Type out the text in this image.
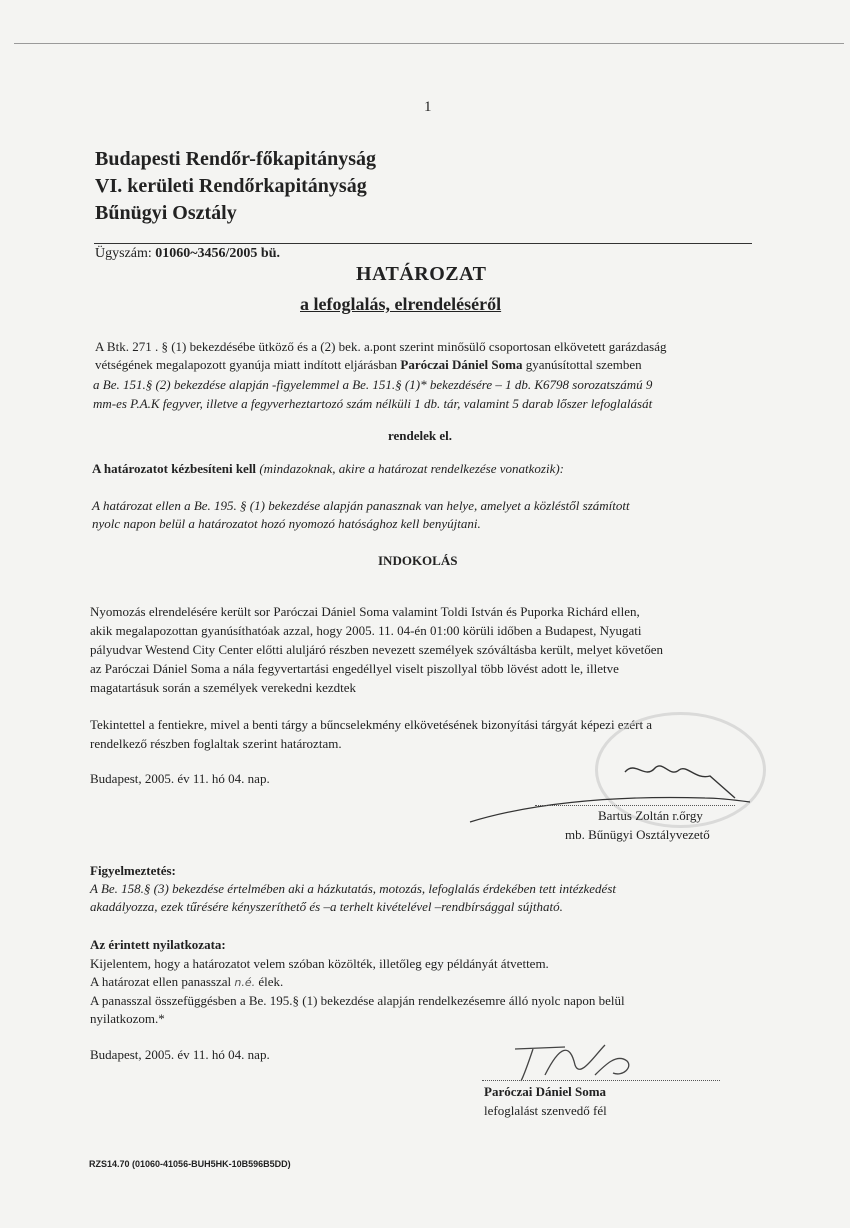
1
Budapesti Rendőr-főkapitányság
VI. kerületi Rendőrkapitányság
Bűnügyi Osztály
Ügyszám: 01060~3456/2005 bü.
HATÁROZAT
a lefoglalás, elrendeléséről
A Btk. 271 . § (1) bekezdésébe ütköző és a (2) bek. a.pont szerint minősülő csoportosan elkövetett garázdaság
vétségének megalapozott gyanúja miatt indított eljárásban Paróczai Dániel Soma gyanúsítottal szemben
a Be. 151.§ (2) bekezdése alapján -figyelemmel a Be. 151.§ (1)* bekezdésére – 1 db. K6798 sorozatszámú 9
mm-es P.A.K fegyver, illetve a fegyverheztartozó szám nélküli 1 db. tár, valamint 5 darab lőszer lefoglalását
rendelek el.
A határozatot kézbesíteni kell (mindazoknak, akire a határozat rendelkezése vonatkozik):
A határozat ellen a Be. 195. § (1) bekezdése alapján panasznak van helye, amelyet a közléstől számított
nyolc napon belül a határozatot hozó nyomozó hatósághoz kell benyújtani.
INDOKOLÁS
Nyomozás elrendelésére került sor Paróczai Dániel Soma valamint Toldi István és Puporka Richárd ellen,
akik megalapozottan gyanúsíthatóak azzal, hogy 2005. 11. 04-én 01:00 körüli időben a Budapest, Nyugati
pályudvar Westend City Center előtti aluljáró részben nevezett személyek szóváltásba került, melyet követően
az Paróczai Dániel Soma a nála fegyvertartási engedéllyel viselt piszollyal több lövést adott le, illetve
magatartásuk során a személyek verekedni kezdtek
Tekintettel a fentiekre, mivel a benti tárgy a bűncselekmény elkövetésének bizonyítási tárgyát képezi ezért a
rendelkező részben foglaltak szerint határoztam.
Budapest, 2005. év 11. hó 04. nap.
Bartus Zoltán r.őrgy
mb. Bűnügyi Osztályvezető
Figyelmeztetés:
A Be. 158.§ (3) bekezdése értelmében aki a házkutatás, motozás, lefoglalás érdekében tett intézkedést
akadályozza, ezek tűrésére kényszeríthető és –a terhelt kivételével –rendbírsággal sújtható.
Az érintett nyilatkozata:
Kijelentem, hogy a határozatot velem szóban közölték, illetőleg egy példányát átvettem.
A határozat ellen panasszal n.é. élek.
A panasszal összefüggésben a Be. 195.§ (1) bekezdése alapján rendelkezésemre álló nyolc napon belül
nyilatkozom.*
Budapest, 2005. év 11. hó 04. nap.
Paróczai Dániel Soma
lefoglalást szenvedő fél
RZS14.70 (01060-41056-BUH5HK-10B596B5DD)
